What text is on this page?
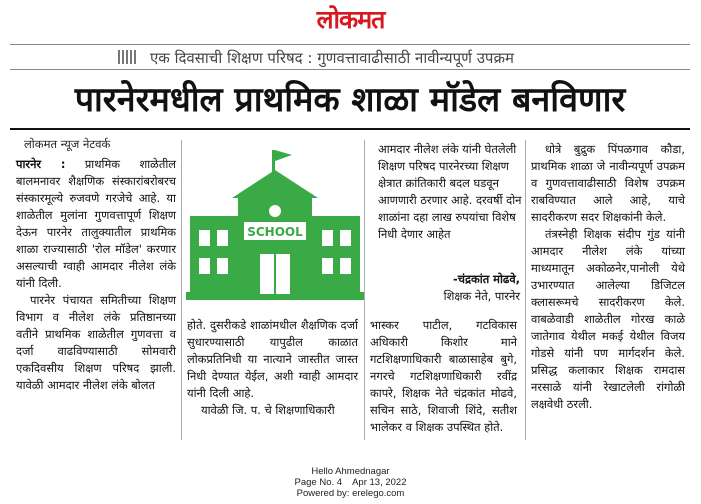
लोकमत
एक दिवसाची शिक्षण परिषद : गुणवत्तावाढीसाठी नावीन्यपूर्ण उपक्रम
पारनेरमधील प्राथमिक शाळा मॉडेल बनविणार
लोकमत न्यूज नेटवर्क

पारनेर : प्राथमिक शाळेतील बालमनावर शैक्षणिक संस्कारांबरोबरच संस्कारमूल्ये रुजवणे गरजेचे आहे. या शाळेतील मुलांना गुणवत्तापूर्ण शिक्षण देऊन पारनेर तालुक्यातील प्राथमिक शाळा राज्यासाठी 'रोल मॉडेल' करणार असल्याची ग्वाही आमदार नीलेश लंके यांनी दिली.

पारनेर पंचायत समितीच्या शिक्षण विभाग व नीलेश लंके प्रतिष्ठानच्या वतीने प्राथमिक शाळेतील गुणवत्ता व दर्जा वाढविण्यासाठी सोमवारी एकदिवसीय शिक्षण परिषद झाली. यावेळी आमदार नीलेश लंके बोलत

SCHOOL

होते. दुसरीकडे शाळांमधील शैक्षणिक दर्जा सुधारण्यासाठी यापुढील काळात लोकप्रतिनिधी या नात्याने जास्तीत जास्त निधी देण्यात येईल, अशी ग्वाही आमदार यांनी दिली आहे.

यावेळी जि. प. चे शिक्षणाधिकारी

आमदार नीलेश लंके यांनी घेतलेली शिक्षण परिषद पारनेरच्या शिक्षण क्षेत्रात क्रांतिकारी बदल घडवून आणणारी ठरणार आहे. दरवर्षी दोन शाळांना दहा लाख रुपयांचा विशेष निधी देणार आहेत
-चंद्रकांत मोढवे,
शिक्षक नेते, पारनेर

भास्कर पाटील, गटविकास अधिकारी किशोर माने गटशिक्षणाधिकारी बाळासाहेब बुगे, नगरचे गटशिक्षणाधिकारी रवींद्र कापरे, शिक्षक नेते चंद्रकांत मोढवे, सचिन साठे, शिवाजी शिंदे, सतीश भालेकर व शिक्षक उपस्थित होते.

धोत्रे बुद्रुक पिंपळगाव कौडा, प्राथमिक शाळा जे नावीन्यपूर्ण उपक्रम व गुणवत्तावाढीसाठी विशेष उपक्रम राबविण्यात आले आहे, याचे सादरीकरण सदर शिक्षकांनी केले.

तंत्रस्नेही शिक्षक संदीप गुंड यांनी आमदार नीलेश लंके यांच्या माध्यमातून अकोळनेर,पानोली येथे उभारण्यात आलेल्या डिजिटल क्लासरूमचे सादरीकरण केले. वाबळेवाडी शाळेतील गोरख काळे जातेगाव येथील मकई येथील विजय गोडसे यांनी पण मार्गदर्शन केले. प्रसिद्ध कलाकार शिक्षक रामदास नरसाळे यांनी रेखाटलेली रांगोळी लक्षवेधी ठरली.

Hello Ahmednagar
Page No. 4    Apr 13, 2022
Powered by: erelego.com
